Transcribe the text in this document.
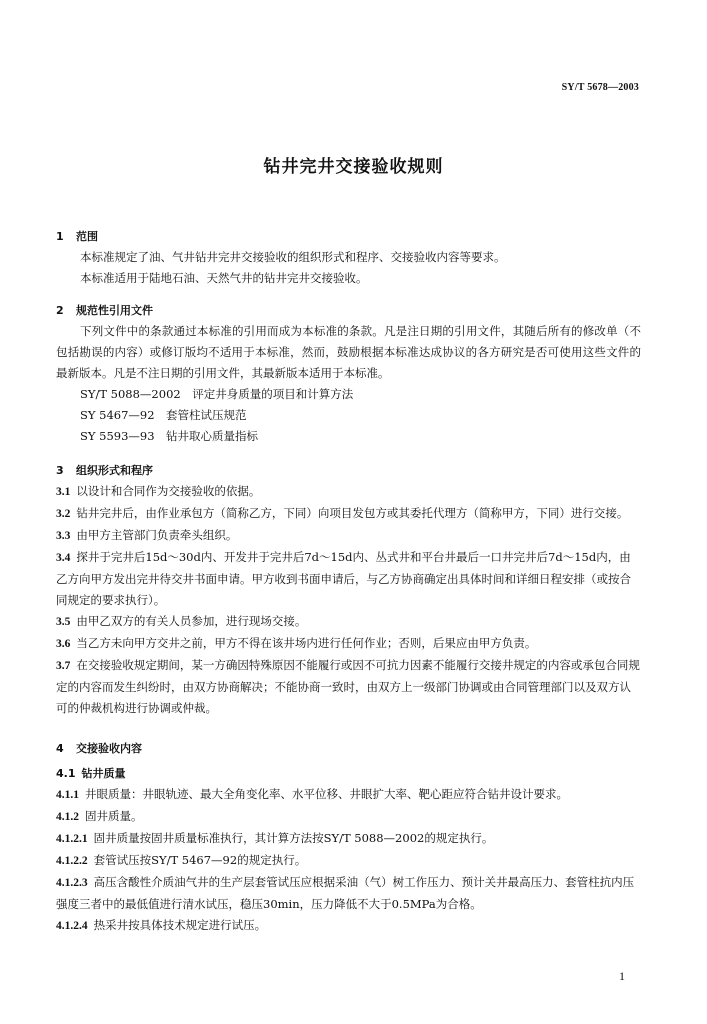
SY/T 5678—2003
钻井完井交接验收规则
1 范围
本标准规定了油、气井钻井完井交接验收的组织形式和程序、交接验收内容等要求。
本标准适用于陆地石油、天然气井的钻井完井交接验收。
2 规范性引用文件
下列文件中的条款通过本标准的引用而成为本标准的条款。凡是注日期的引用文件，其随后所有的修改单（不包括勘误的内容）或修订版均不适用于本标准，然而，鼓励根据本标准达成协议的各方研究是否可使用这些文件的最新版本。凡是不注日期的引用文件，其最新版本适用于本标准。
SY/T 5088—2002　评定井身质量的项目和计算方法
SY 5467—92　套管柱试压规范
SY 5593—93　钻井取心质量指标
3 组织形式和程序
3.1 以设计和合同作为交接验收的依据。
3.2 钻井完井后，由作业承包方（简称乙方，下同）向项目发包方或其委托代理方（简称甲方，下同）进行交接。
3.3 由甲方主管部门负责牵头组织。
3.4 探井于完井后15d～30d内、开发井于完井后7d～15d内、丛式井和平台井最后一口井完井后7d～15d内，由乙方向甲方发出完井待交井书面申请。甲方收到书面申请后，与乙方协商确定出具体时间和详细日程安排（或按合同规定的要求执行）。
3.5 由甲乙双方的有关人员参加，进行现场交接。
3.6 当乙方未向甲方交井之前，甲方不得在该井场内进行任何作业；否则，后果应由甲方负责。
3.7 在交接验收规定期间，某一方确因特殊原因不能履行或因不可抗力因素不能履行交接井规定的内容或承包合同规定的内容而发生纠纷时，由双方协商解决；不能协商一致时，由双方上一级部门协调或由合同管理部门以及双方认可的仲裁机构进行协调或仲裁。
4 交接验收内容
4.1 钻井质量
4.1.1 井眼质量：井眼轨迹、最大全角变化率、水平位移、井眼扩大率、靶心距应符合钻井设计要求。
4.1.2 固井质量。
4.1.2.1 固井质量按固井质量标准执行，其计算方法按SY/T 5088—2002的规定执行。
4.1.2.2 套管试压按SY/T 5467—92的规定执行。
4.1.2.3 高压含酸性介质油气井的生产层套管试压应根据采油（气）树工作压力、预计关井最高压力、套管柱抗内压强度三者中的最低值进行清水试压，稳压30min，压力降低不大于0.5MPa为合格。
4.1.2.4 热采井按具体技术规定进行试压。
1
